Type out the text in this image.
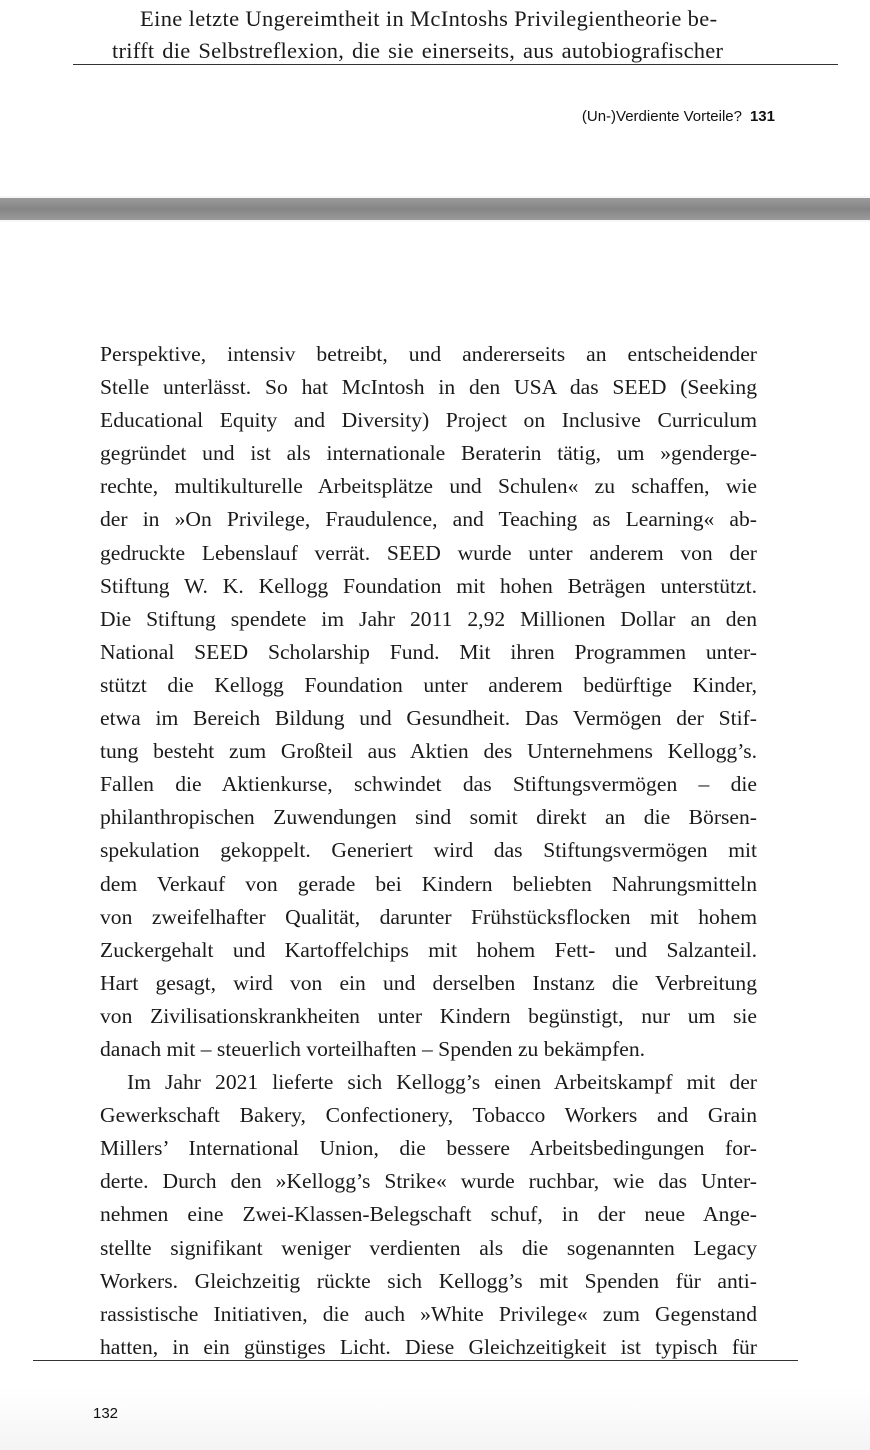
Eine letzte Ungereimtheit in McIntoshs Privilegientheorie be-
trifft die Selbstreflexion, die sie einerseits, aus autobiografischer
(Un-)Verdiente Vorteile? 131
Perspektive, intensiv betreibt, und andererseits an entscheidender
Stelle unterlässt. So hat McIntosh in den USA das SEED (Seeking
Educational Equity and Diversity) Project on Inclusive Curriculum
gegründet und ist als internationale Beraterin tätig, um »genderge-
rechte, multikulturelle Arbeitsplätze und Schulen« zu schaffen, wie
der in »On Privilege, Fraudulence, and Teaching as Learning« ab-
gedruckte Lebenslauf verrät. SEED wurde unter anderem von der
Stiftung W. K. Kellogg Foundation mit hohen Beträgen unterstützt.
Die Stiftung spendete im Jahr 2011 2,92 Millionen Dollar an den
National SEED Scholarship Fund. Mit ihren Programmen unter-
stützt die Kellogg Foundation unter anderem bedürftige Kinder,
etwa im Bereich Bildung und Gesundheit. Das Vermögen der Stif-
tung besteht zum Großteil aus Aktien des Unternehmens Kellogg’s.
Fallen die Aktienkurse, schwindet das Stiftungsvermögen – die
philanthropischen Zuwendungen sind somit direkt an die Börsen-
spekulation gekoppelt. Generiert wird das Stiftungsvermögen mit
dem Verkauf von gerade bei Kindern beliebten Nahrungsmitteln
von zweifelhafter Qualität, darunter Frühstücksflocken mit hohem
Zuckergehalt und Kartoffelchips mit hohem Fett- und Salzanteil.
Hart gesagt, wird von ein und derselben Instanz die Verbreitung
von Zivilisationskrankheiten unter Kindern begünstigt, nur um sie
danach mit – steuerlich vorteilhaften – Spenden zu bekämpfen.
Im Jahr 2021 lieferte sich Kellogg’s einen Arbeitskampf mit der
Gewerkschaft Bakery, Confectionery, Tobacco Workers and Grain
Millers’ International Union, die bessere Arbeitsbedingungen for-
derte. Durch den »Kellogg’s Strike« wurde ruchbar, wie das Unter-
nehmen eine Zwei-Klassen-Belegschaft schuf, in der neue Ange-
stellte signifikant weniger verdienten als die sogenannten Legacy
Workers. Gleichzeitig rückte sich Kellogg’s mit Spenden für anti-
rassistische Initiativen, die auch »White Privilege« zum Gegenstand
hatten, in ein günstiges Licht. Diese Gleichzeitigkeit ist typisch für
132
